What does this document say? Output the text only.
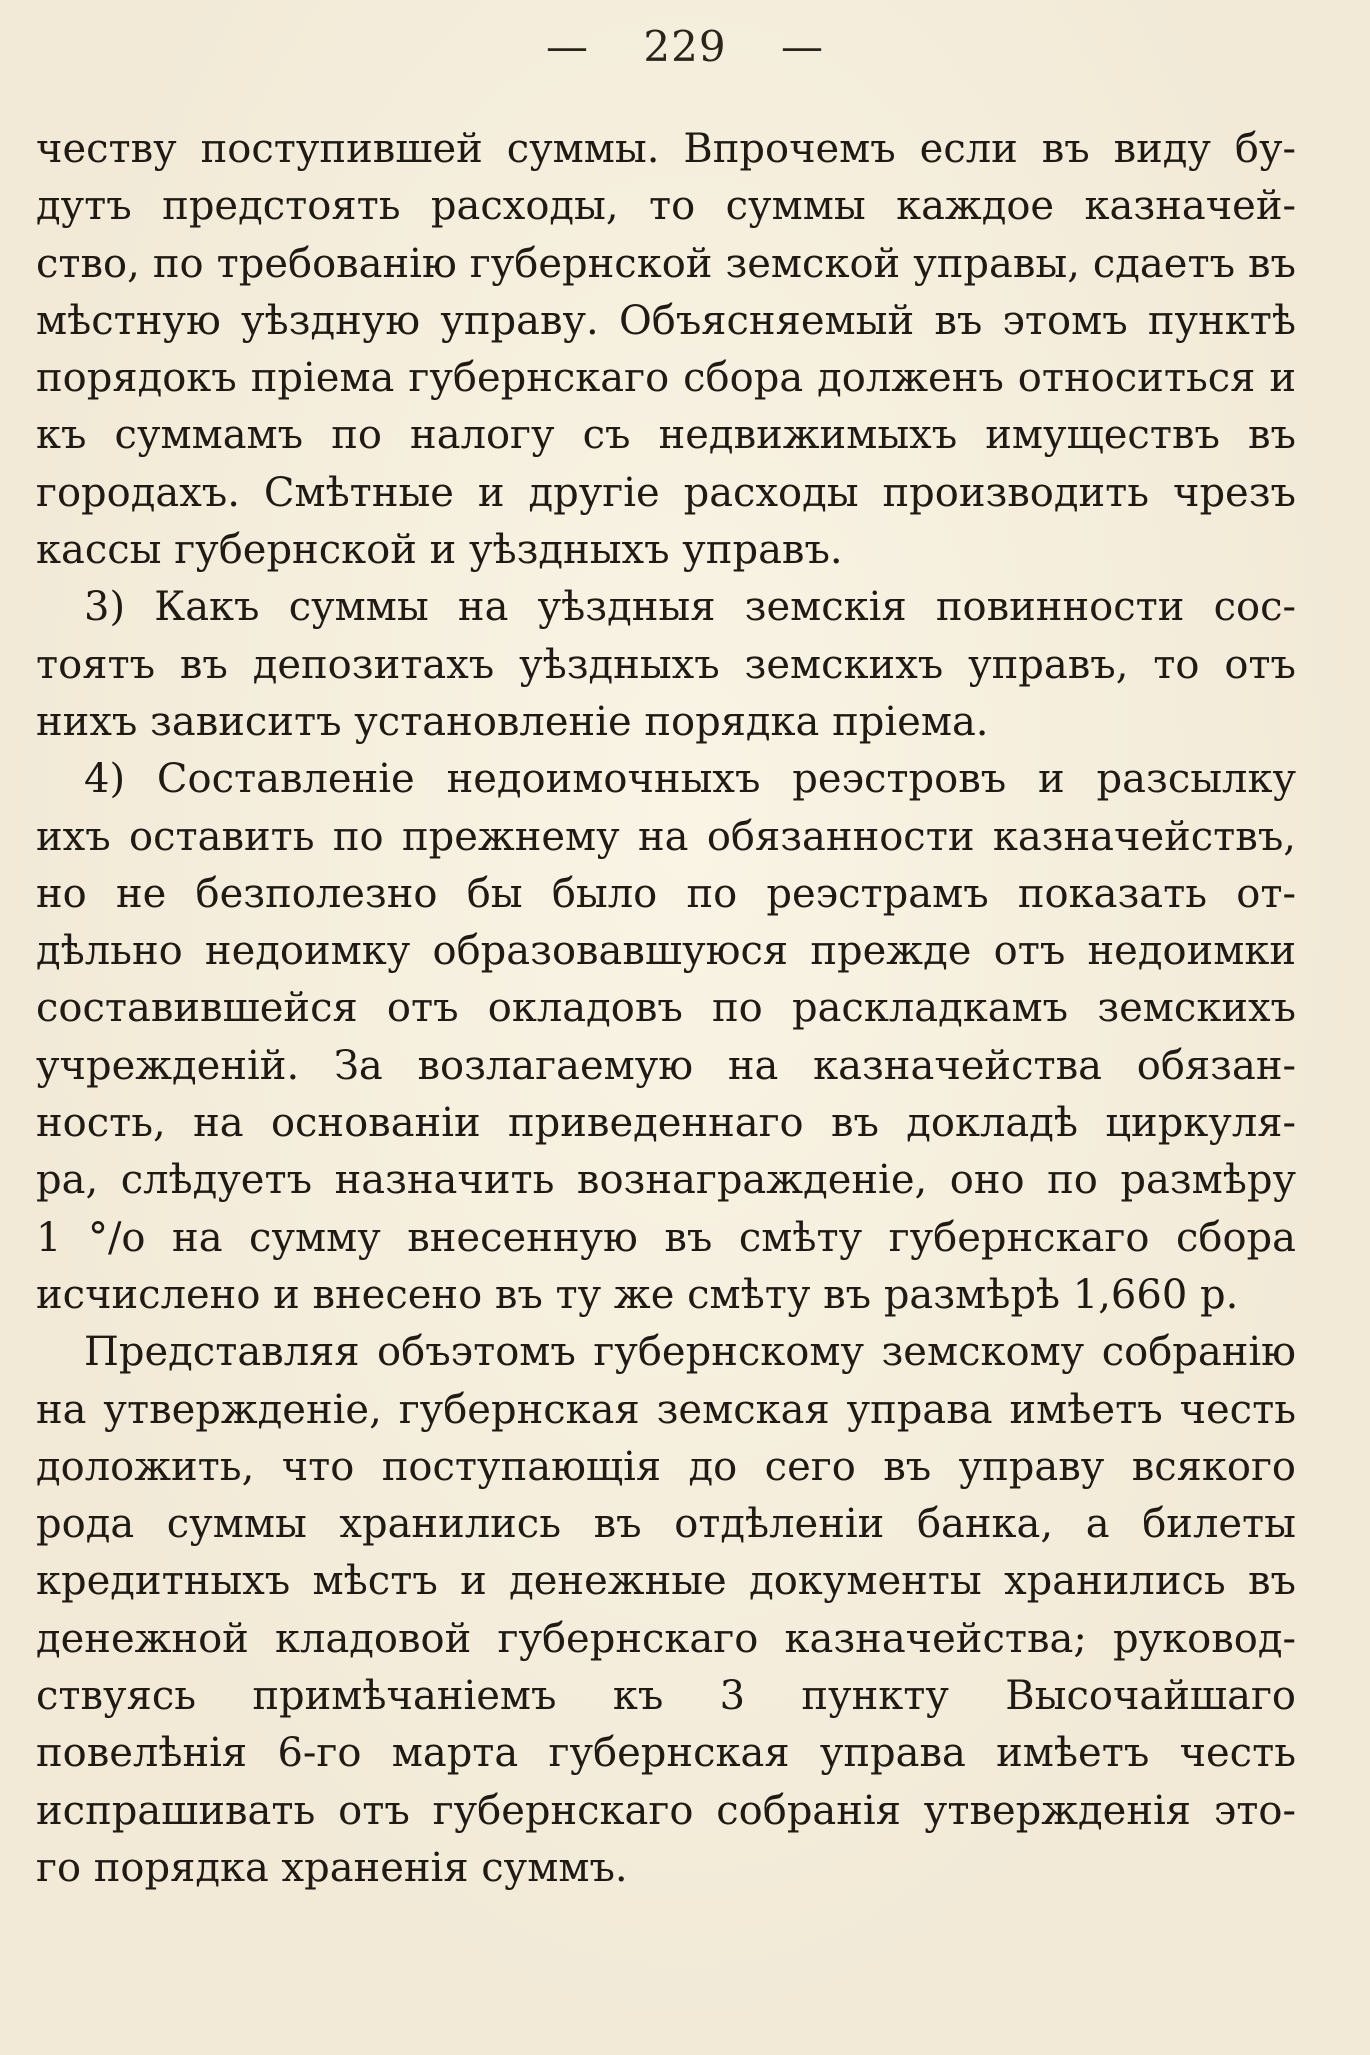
— 229 —
честву поступившей суммы. Впрочемъ если въ виду бу-
дутъ предстоять расходы, то суммы каждое казначей-
ство, по требованію губернской земской управы, сдаетъ въ
мѣстную уѣздную управу. Объясняемый въ этомъ пунктѣ
порядокъ пріема губернскаго сбора долженъ относиться и
къ суммамъ по налогу съ недвижимыхъ имуществъ въ
городахъ. Смѣтные и другіе расходы производить чрезъ
кассы губернской и уѣздныхъ управъ.
3) Какъ суммы на уѣздныя земскія повинности сос-
тоятъ въ депозитахъ уѣздныхъ земскихъ управъ, то отъ
нихъ зависитъ установленіе порядка пріема.
4) Составленіе недоимочныхъ реэстровъ и разсылку
ихъ оставить по прежнему на обязанности казначействъ,
но не безполезно бы было по реэстрамъ показать от-
дѣльно недоимку образовавшуюся прежде отъ недоимки
составившейся отъ окладовъ по раскладкамъ земскихъ
учрежденій. За возлагаемую на казначейства обязан-
ность, на основаніи приведеннаго въ докладѣ циркуля-
ра, слѣдуетъ назначить вознагражденіе, оно по размѣру
1 °/о на сумму внесенную въ смѣту губернскаго сбора
исчислено и внесено въ ту же смѣту въ размѣрѣ 1,660 р.
Представляя объэтомъ губернскому земскому собранію
на утвержденіе, губернская земская управа имѣетъ честь
доложить, что поступающія до сего въ управу всякого
рода суммы хранились въ отдѣленіи банка, а билеты
кредитныхъ мѣстъ и денежные документы хранились въ
денежной кладовой губернскаго казначейства; руковод-
ствуясь примѣчаніемъ къ 3 пункту Высочайшаго
повелѣнія 6-го марта губернская управа имѣетъ честь
испрашивать отъ губернскаго собранія утвержденія это-
го порядка храненія суммъ.
